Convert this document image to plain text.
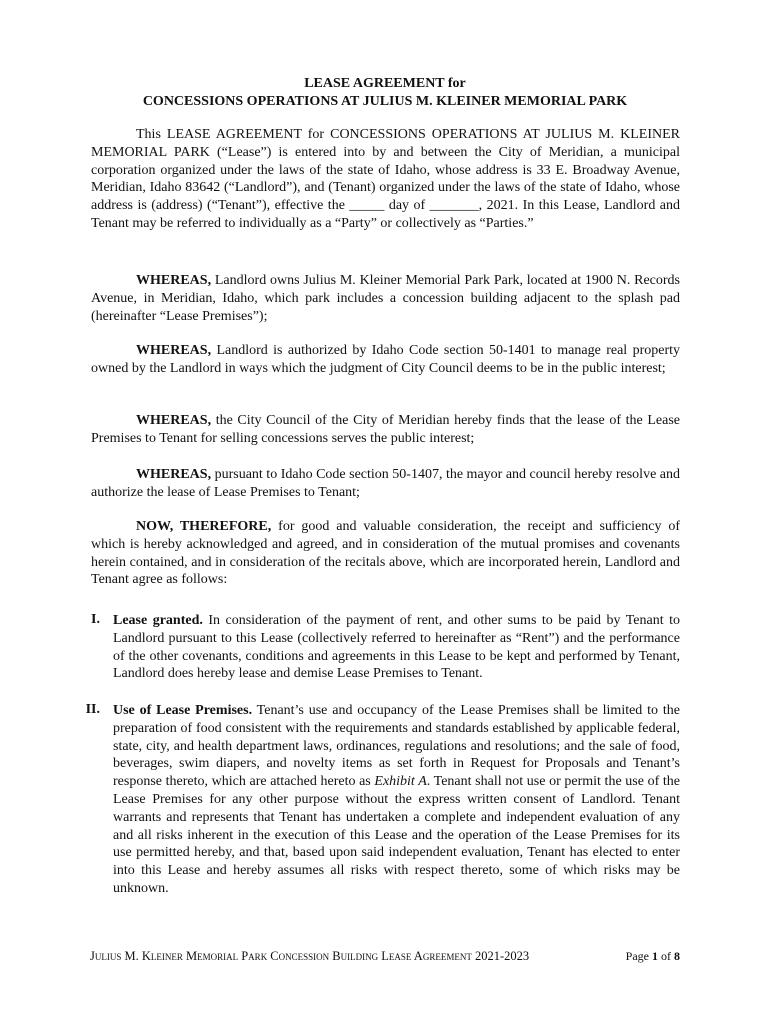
LEASE AGREEMENT for
CONCESSIONS OPERATIONS AT JULIUS M. KLEINER MEMORIAL PARK

This LEASE AGREEMENT for CONCESSIONS OPERATIONS AT JULIUS M. KLEINER MEMORIAL PARK (“Lease”) is entered into by and between the City of Meridian, a municipal corporation organized under the laws of the state of Idaho, whose address is 33 E. Broadway Avenue, Meridian, Idaho 83642 (“Landlord”), and (Tenant) organized under the laws of the state of Idaho, whose address is (address) (“Tenant”), effective the _____ day of _______, 2021. In this Lease, Landlord and Tenant may be referred to individually as a “Party” or collectively as “Parties.”

WHEREAS, Landlord owns Julius M. Kleiner Memorial Park Park, located at 1900 N. Records Avenue, in Meridian, Idaho, which park includes a concession building adjacent to the splash pad (hereinafter “Lease Premises”);

WHEREAS, Landlord is authorized by Idaho Code section 50-1401 to manage real property owned by the Landlord in ways which the judgment of City Council deems to be in the public interest;

WHEREAS, the City Council of the City of Meridian hereby finds that the lease of the Lease Premises to Tenant for selling concessions serves the public interest;

WHEREAS, pursuant to Idaho Code section 50-1407, the mayor and council hereby resolve and authorize the lease of Lease Premises to Tenant;

NOW, THEREFORE, for good and valuable consideration, the receipt and sufficiency of which is hereby acknowledged and agreed, and in consideration of the mutual promises and covenants herein contained, and in consideration of the recitals above, which are incorporated herein, Landlord and Tenant agree as follows:

I. Lease granted. In consideration of the payment of rent, and other sums to be paid by Tenant to Landlord pursuant to this Lease (collectively referred to hereinafter as “Rent”) and the performance of the other covenants, conditions and agreements in this Lease to be kept and performed by Tenant, Landlord does hereby lease and demise Lease Premises to Tenant.

II. Use of Lease Premises. Tenant’s use and occupancy of the Lease Premises shall be limited to the preparation of food consistent with the requirements and standards established by applicable federal, state, city, and health department laws, ordinances, regulations and resolutions; and the sale of food, beverages, swim diapers, and novelty items as set forth in Request for Proposals and Tenant’s response thereto, which are attached hereto as Exhibit A. Tenant shall not use or permit the use of the Lease Premises for any other purpose without the express written consent of Landlord. Tenant warrants and represents that Tenant has undertaken a complete and independent evaluation of any and all risks inherent in the execution of this Lease and the operation of the Lease Premises for its use permitted hereby, and that, based upon said independent evaluation, Tenant has elected to enter into this Lease and hereby assumes all risks with respect thereto, some of which risks may be unknown.

Julius M. Kleiner Memorial Park Concession Building Lease Agreement 2021-2023	Page 1 of 8
